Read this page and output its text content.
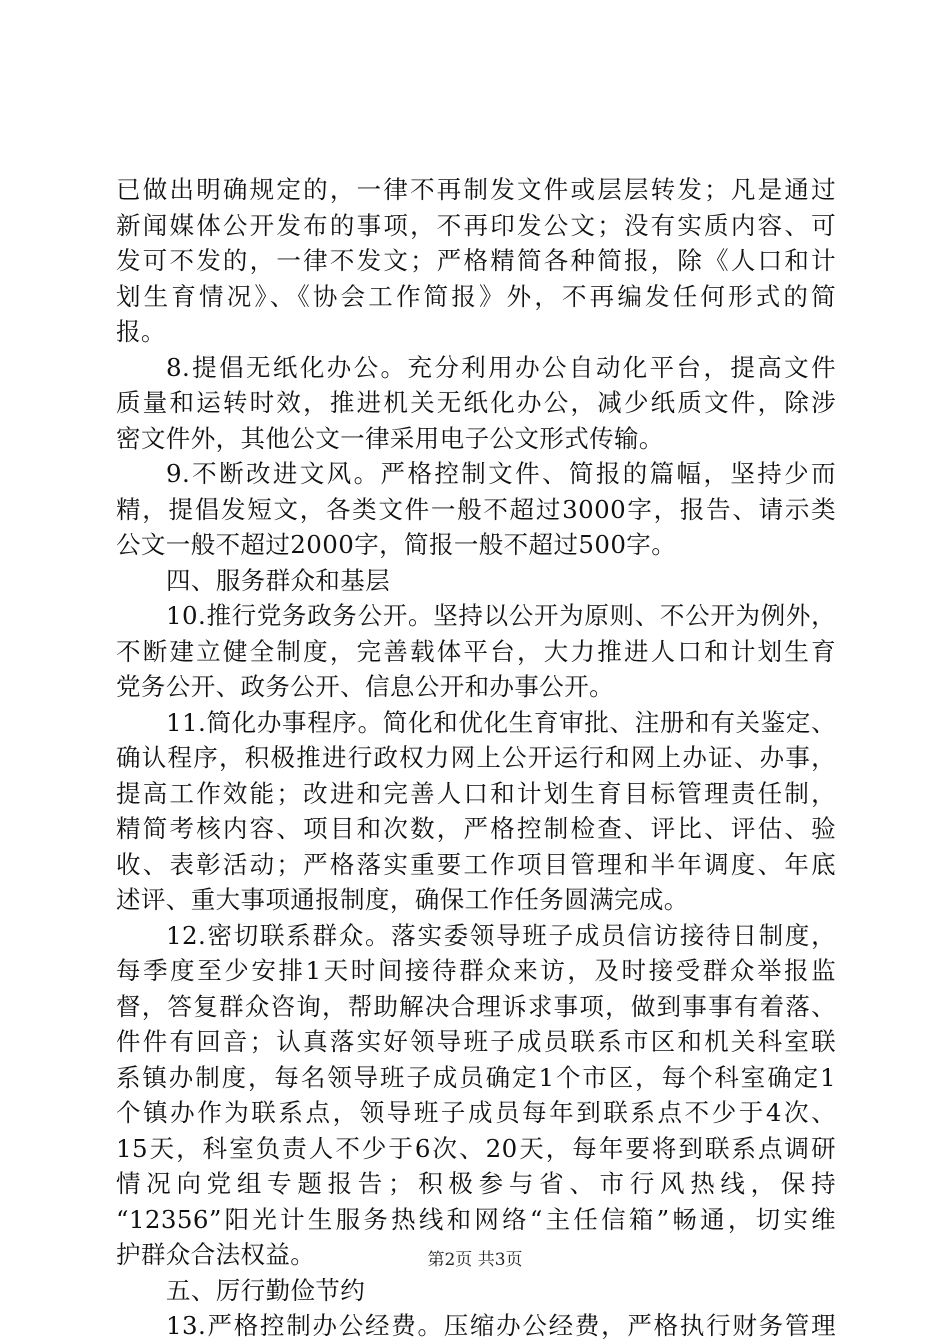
已做出明确规定的，一律不再制发文件或层层转发；凡是通过
新闻媒体公开发布的事项，不再印发公文；没有实质内容、可
发可不发的，一律不发文；严格精简各种简报，除《人口和计
划生育情况》、《协会工作简报》外，不再编发任何形式的简
报。
8.提倡无纸化办公。充分利用办公自动化平台，提高文件
质量和运转时效，推进机关无纸化办公，减少纸质文件，除涉
密文件外，其他公文一律采用电子公文形式传输。
9.不断改进文风。严格控制文件、简报的篇幅，坚持少而
精，提倡发短文，各类文件一般不超过3000字，报告、请示类
公文一般不超过2000字，简报一般不超过500字。
四、服务群众和基层
10.推行党务政务公开。坚持以公开为原则、不公开为例外，
不断建立健全制度，完善载体平台，大力推进人口和计划生育
党务公开、政务公开、信息公开和办事公开。
11.简化办事程序。简化和优化生育审批、注册和有关鉴定、
确认程序，积极推进行政权力网上公开运行和网上办证、办事，
提高工作效能；改进和完善人口和计划生育目标管理责任制，
精简考核内容、项目和次数，严格控制检查、评比、评估、验
收、表彰活动；严格落实重要工作项目管理和半年调度、年底
述评、重大事项通报制度，确保工作任务圆满完成。
12.密切联系群众。落实委领导班子成员信访接待日制度，
每季度至少安排1天时间接待群众来访，及时接受群众举报监
督，答复群众咨询，帮助解决合理诉求事项，做到事事有着落、
件件有回音；认真落实好领导班子成员联系市区和机关科室联
系镇办制度，每名领导班子成员确定1个市区，每个科室确定1
个镇办作为联系点，领导班子成员每年到联系点不少于4次、
15天，科室负责人不少于6次、20天，每年要将到联系点调研
情况向党组专题报告；积极参与省、市行风热线，保持
“12356”阳光计生服务热线和网络“主任信箱”畅通，切实维
护群众合法权益。
五、厉行勤俭节约
13.严格控制办公经费。压缩办公经费，严格执行财务管理
第2页 共3页
